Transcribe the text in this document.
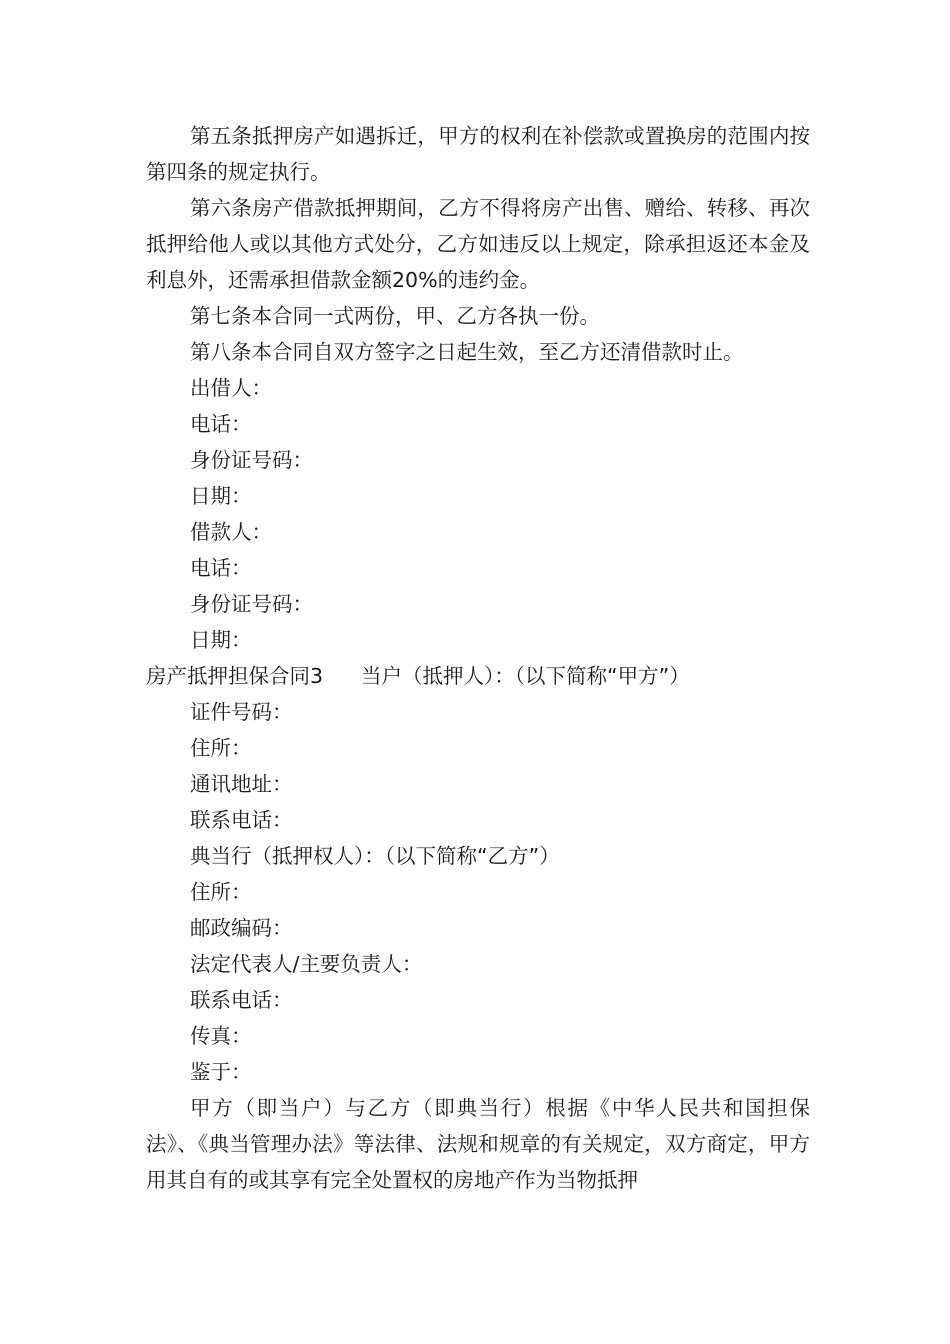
第五条抵押房产如遇拆迁，甲方的权利在补偿款或置换房的范围内按第四条的规定执行。

第六条房产借款抵押期间，乙方不得将房产出售、赠给、转移、再次抵押给他人或以其他方式处分，乙方如违反以上规定，除承担返还本金及利息外，还需承担借款金额20%的违约金。

第七条本合同一式两份，甲、乙方各执一份。

第八条本合同自双方签字之日起生效，至乙方还清借款时止。

出借人：

电话：

身份证号码：

日期：

借款人：

电话：

身份证号码：

日期：

房产抵押担保合同3 当户（抵押人）：（以下简称“甲方”）

证件号码：

住所：

通讯地址：

联系电话：

典当行（抵押权人）：（以下简称“乙方”）

住所：

邮政编码：

法定代表人/主要负责人：

联系电话：

传真：

鉴于：

甲方（即当户）与乙方（即典当行）根据《中华人民共和国担保法》、《典当管理办法》等法律、法规和规章的有关规定，双方商定，甲方用其自有的或其享有完全处置权的房地产作为当物抵押
